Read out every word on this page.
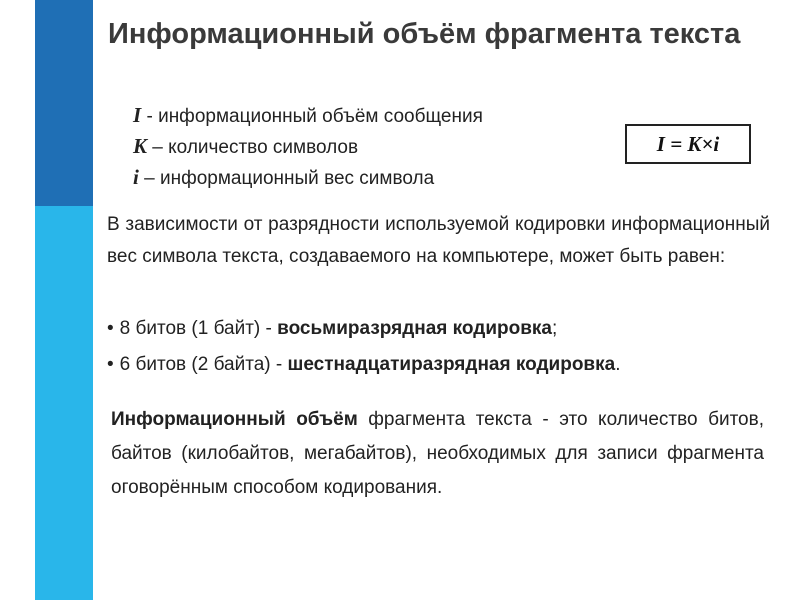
Информационный объём фрагмента текста
I - информационный объём сообщения
K – количество символов
i – информационный вес символа
I = K×i

В зависимости от разрядности используемой кодировки информационный вес символа текста, создаваемого на компьютере, может быть равен:

• 8 битов (1 байт) - восьмиразрядная кодировка;
• 6 битов (2 байта) - шестнадцатиразрядная кодировка.

Информационный объём фрагмента текста - это количество битов, байтов (килобайтов, мегабайтов), необходимых для записи фрагмента оговорённым способом кодирования.
